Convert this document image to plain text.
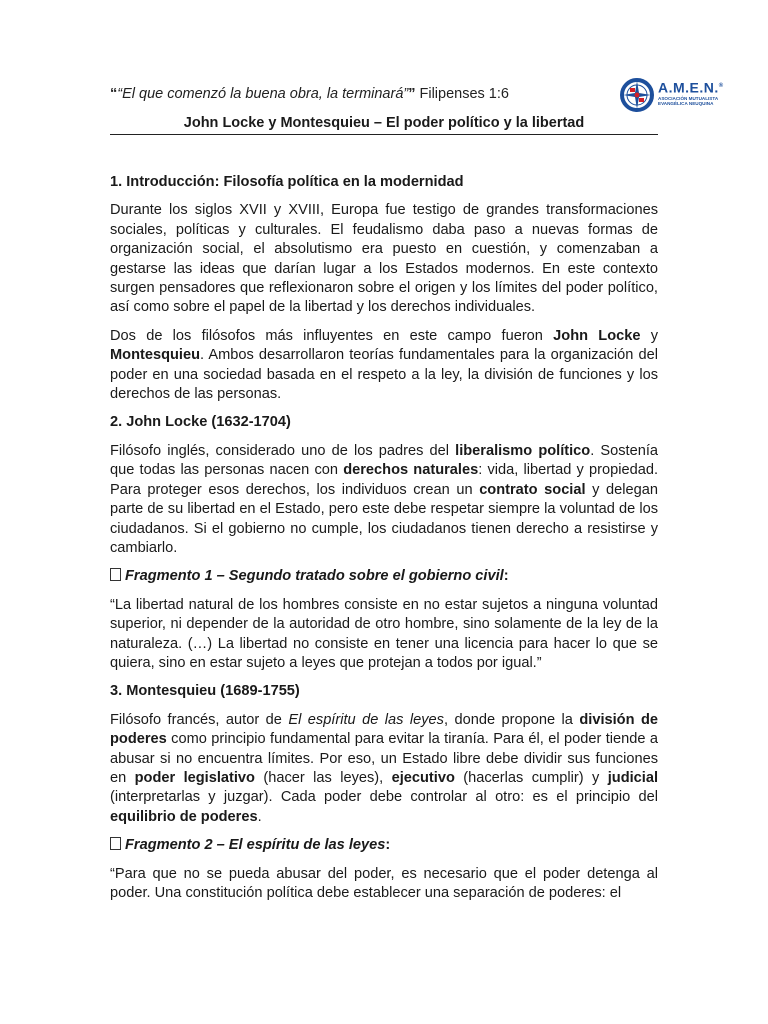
““El que comenzó la buena obra, la terminará”” Filipenses 1:6	A.M.E.N.®
ASOCIACIÓN MUTUALISTA
EVANGÉLICA NEUQUINA
John Locke y Montesquieu – El poder político y la libertad
1. Introducción: Filosofía política en la modernidad

Durante los siglos XVII y XVIII, Europa fue testigo de grandes transformaciones sociales, políticas y culturales. El feudalismo daba paso a nuevas formas de organización social, el absolutismo era puesto en cuestión, y comenzaban a gestarse las ideas que darían lugar a los Estados modernos. En este contexto surgen pensadores que reflexionaron sobre el origen y los límites del poder político, así como sobre el papel de la libertad y los derechos individuales.

Dos de los filósofos más influyentes en este campo fueron John Locke y Montesquieu. Ambos desarrollaron teorías fundamentales para la organización del poder en una sociedad basada en el respeto a la ley, la división de funciones y los derechos de las personas.

2. John Locke (1632-1704)

Filósofo inglés, considerado uno de los padres del liberalismo político. Sostenía que todas las personas nacen con derechos naturales: vida, libertad y propiedad. Para proteger esos derechos, los individuos crean un contrato social y delegan parte de su libertad en el Estado, pero este debe respetar siempre la voluntad de los ciudadanos. Si el gobierno no cumple, los ciudadanos tienen derecho a resistirse y cambiarlo.

Fragmento 1 – Segundo tratado sobre el gobierno civil:

“La libertad natural de los hombres consiste en no estar sujetos a ninguna voluntad superior, ni depender de la autoridad de otro hombre, sino solamente de la ley de la naturaleza. (…) La libertad no consiste en tener una licencia para hacer lo que se quiera, sino en estar sujeto a leyes que protejan a todos por igual.”

3. Montesquieu (1689-1755)

Filósofo francés, autor de El espíritu de las leyes, donde propone la división de poderes como principio fundamental para evitar la tiranía. Para él, el poder tiende a abusar si no encuentra límites. Por eso, un Estado libre debe dividir sus funciones en poder legislativo (hacer las leyes), ejecutivo (hacerlas cumplir) y judicial (interpretarlas y juzgar). Cada poder debe controlar al otro: es el principio del equilibrio de poderes.

Fragmento 2 – El espíritu de las leyes:

“Para que no se pueda abusar del poder, es necesario que el poder detenga al poder. Una constitución política debe establecer una separación de poderes: el
